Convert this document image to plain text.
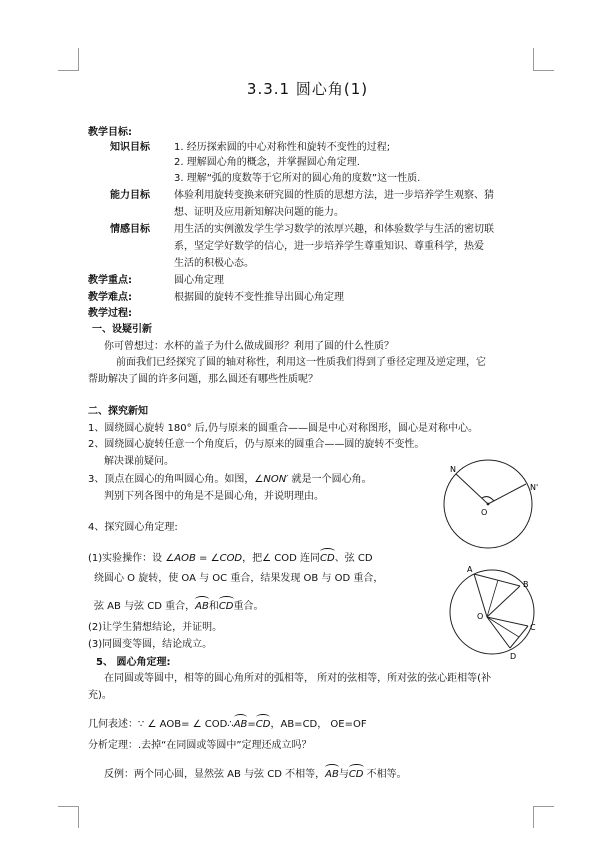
3.3.1 圆心角(1)
教学目标:
知识目标 1. 经历探索圆的中心对称性和旋转不变性的过程;
2. 理解圆心角的概念，并掌握圆心角定理.
3. 理解“弧的度数等于它所对的圆心角的度数”这一性质.
能力目标 体验利用旋转变换来研究圆的性质的思想方法，进一步培养学生观察、猜
想、证明及应用新知解决问题的能力。
情感目标 用生活的实例激发学生学习数学的浓厚兴趣，和体验数学与生活的密切联
系，坚定学好数学的信心，进一步培养学生尊重知识、尊重科学，热爱
生活的积极心态。
教学重点:	圆心角定理
教学难点:	根据圆的旋转不变性推导出圆心角定理
教学过程:
一、设疑引新
你可曾想过：水杯的盖子为什么做成圆形？利用了圆的什么性质？
前面我们已经探究了圆的轴对称性，利用这一性质我们得到了垂径定理及逆定理，它
帮助解决了圆的许多问题，那么圆还有哪些性质呢？
二、探究新知
1、圆绕圆心旋转 180° 后,仍与原来的圆重合——圆是中心对称图形，圆心是对称中心。
2、圆绕圆心旋转任意一个角度后，仍与原来的圆重合——圆的旋转不变性。
解决课前疑问。
3、顶点在圆心的角叫圆心角。如图，∠NON′ 就是一个圆心角。
判别下列各图中的角是不是圆心角，并说明理由。
4、探究圆心角定理:
(1)实验操作：设 ∠AOB = ∠COD，把∠ COD 连同CD、弦 CD
绕圆心 O 旋转，使 OA 与 OC 重合，结果发现 OB 与 OD 重合，
弦 AB 与弦 CD 重合，AB和CD重合。
(2)让学生猜想结论，并证明。
(3)同圆变等圆，结论成立。
5、 圆心角定理:
在同圆或等圆中，相等的圆心角所对的弧相等， 所对的弦相等，所对弦的弦心距相等(补
充)。
几何表述：∵ ∠ AOB= ∠ COD∴AB=CD，AB=CD， OE=OF
分析定理：.去掉“在同圆或等圆中”定理还成立吗？
反例：两个同心圆，显然弦 AB 与弦 CD 不相等，AB与CD 不相等。
N
N'
O
A
B
C
D
O
